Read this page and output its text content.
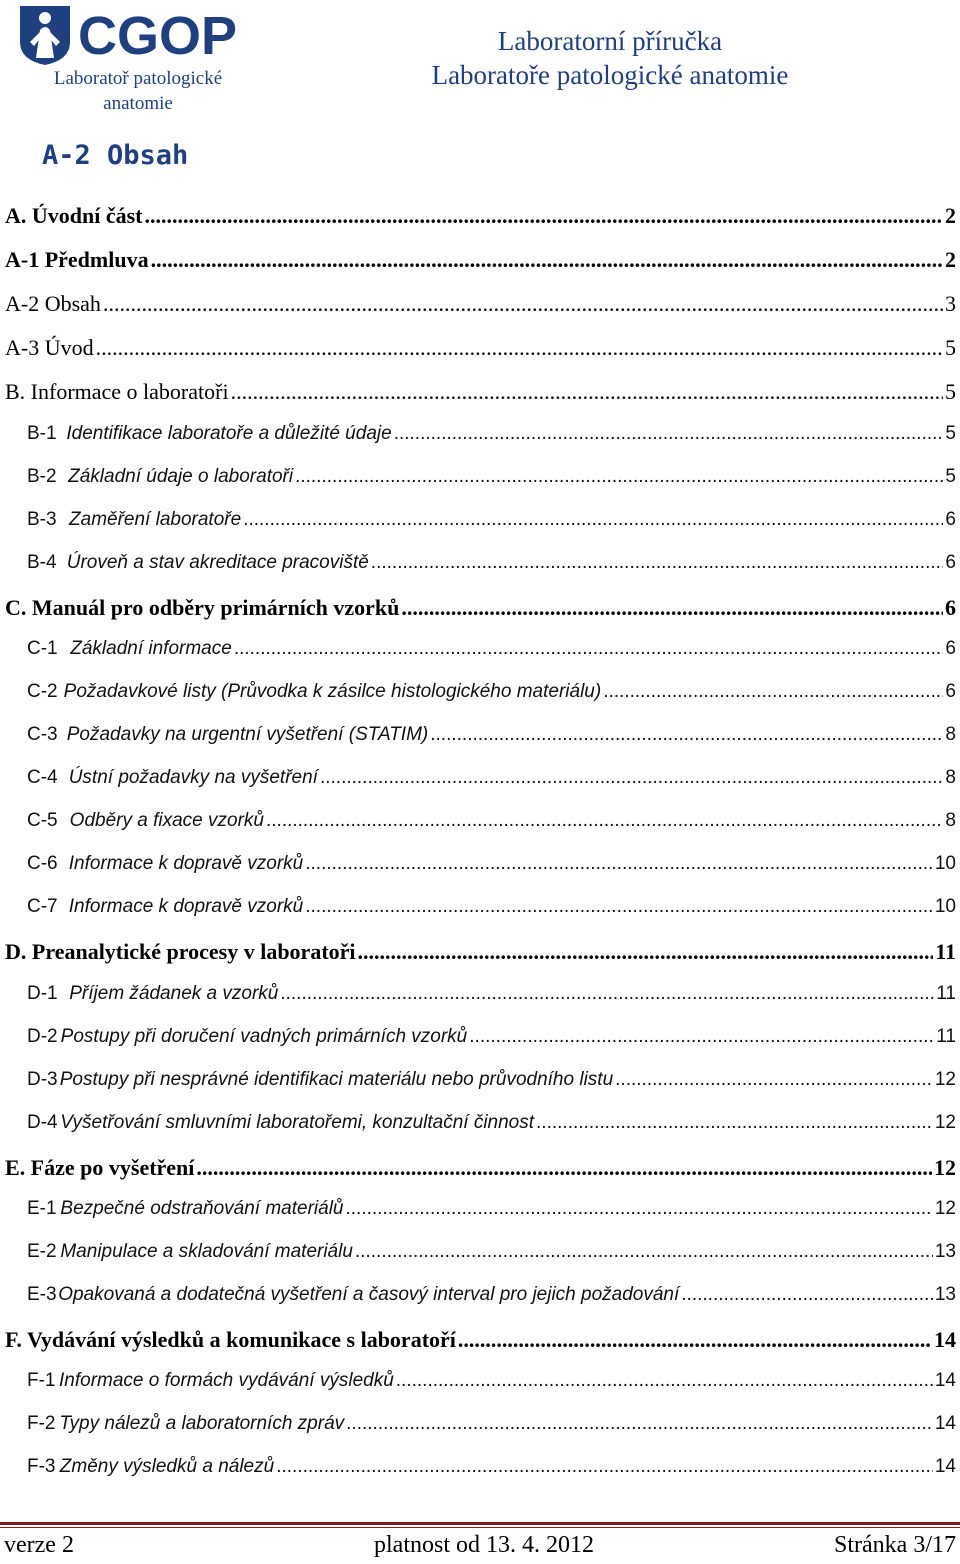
CGOP
Laboratoř patologické anatomie
Laboratorní příručka
Laboratoře patologické anatomie
A-2 Obsah
A. Úvodní část .....	2
A-1 Předmluva .....	2
A-2 Obsah .....	3
A-3 Úvod .....	5
B. Informace o laboratoři .....	5
B-1 Identifikace laboratoře a důležité údaje .....	5
B-2 Základní údaje o laboratoři .....	5
B-3 Zaměření laboratoře .....	6
B-4 Úroveň a stav akreditace pracoviště .....	6
C. Manuál pro odběry primárních vzorků .....	6
C-1 Základní informace .....	6
C-2 Požadavkové listy (Průvodka k zásilce histologického materiálu) .....	6
C-3 Požadavky na urgentní vyšetření (STATIM) .....	8
C-4 Ústní požadavky na vyšetření .....	8
C-5 Odběry a fixace vzorků .....	8
C-6 Informace k dopravě vzorků .....	10
C-7 Informace k dopravě vzorků .....	10
D. Preanalytické procesy v laboratoři .....	11
D-1 Příjem žádanek a vzorků .....	11
D-2 Postupy při doručení vadných primárních vzorků .....	11
D-3 Postupy při nesprávné identifikaci materiálu nebo průvodního listu .....	12
D-4 Vyšetřování smluvními laboratořemi, konzultační činnost .....	12
E. Fáze po vyšetření .....	12
E-1 Bezpečné odstraňování materiálů .....	12
E-2 Manipulace a skladování materiálu .....	13
E-3 Opakovaná a dodatečná vyšetření a časový interval pro jejich požadování .....	13
F. Vydávání výsledků a komunikace s laboratoří .....	14
F-1 Informace o formách vydávání výsledků .....	14
F-2 Typy nálezů a laboratorních zpráv .....	14
F-3 Změny výsledků a nálezů .....	14
verze 2	platnost od 13. 4. 2012	Stránka 3/17
